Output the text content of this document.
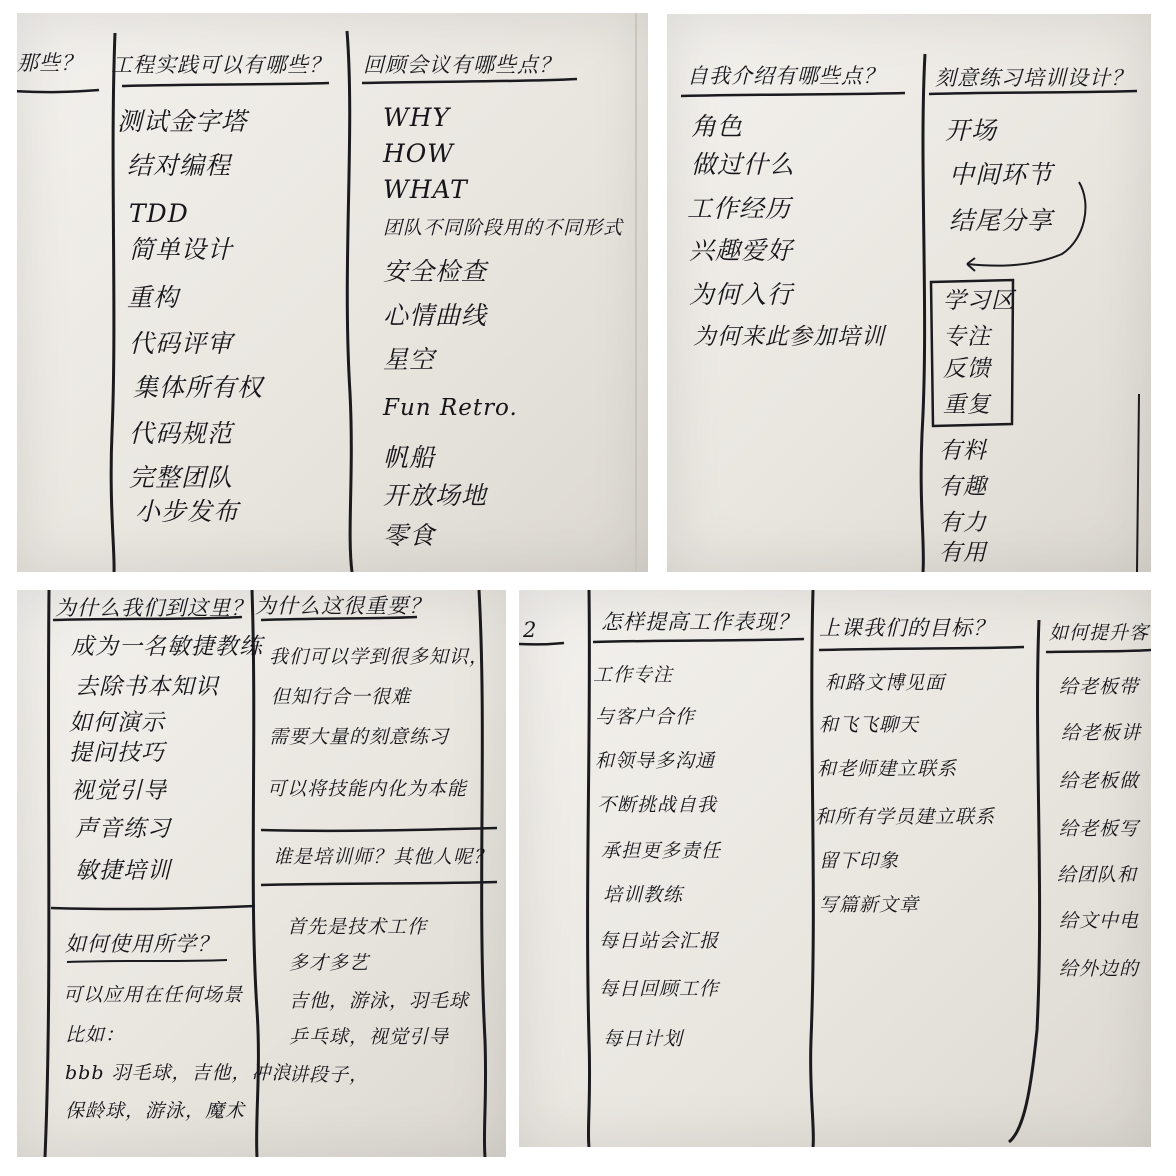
那些？ 工程实践可以有哪些？
测试金字塔
结对编程
TDD
简单设计
重构
代码评审
集体所有权
代码规范
完整团队
小步发布
回顾会议有哪些点？
WHY
HOW
WHAT
团队不同阶段用的不同形式
安全检查
心情曲线
星空
Fun Retro.
帆船
开放场地
零食
自我介绍有哪些点？
角色
做过什么
工作经历
兴趣爱好
为何入行
为何来此参加培训
刻意练习培训设计？
开场
中间环节
结尾分享
学习区
专注
反馈
重复
有料
有趣
有力
有用
为什么我们到这里？
成为一名敏捷教练
去除书本知识
如何演示
提问技巧
视觉引导
声音练习
敏捷培训
如何使用所学？
可以应用在任何场景
比如：
bbb 羽毛球，吉他，冲浪
保龄球，游泳，魔术
为什么这很重要？
我们可以学到很多知识，
但知行合一很难
需要大量的刻意练习
可以将技能内化为本能
谁是培训师？其他人呢？
首先是技术工作
多才多艺
吉他，游泳，羽毛球
乒乓球，视觉引导
讲段子，
2	怎样提高工作表现？
工作专注
与客户合作
和领导多沟通
不断挑战自我
承担更多责任
培训教练
每日站会汇报
每日回顾工作
每日计划
上课我们的目标？
和路文博见面
和飞飞聊天
和老师建立联系
和所有学员建立联系
留下印象
写篇新文章
如何提升客
给老板带
给老板讲
给老板做
给老板写
给团队和
给文中电
给外边的
